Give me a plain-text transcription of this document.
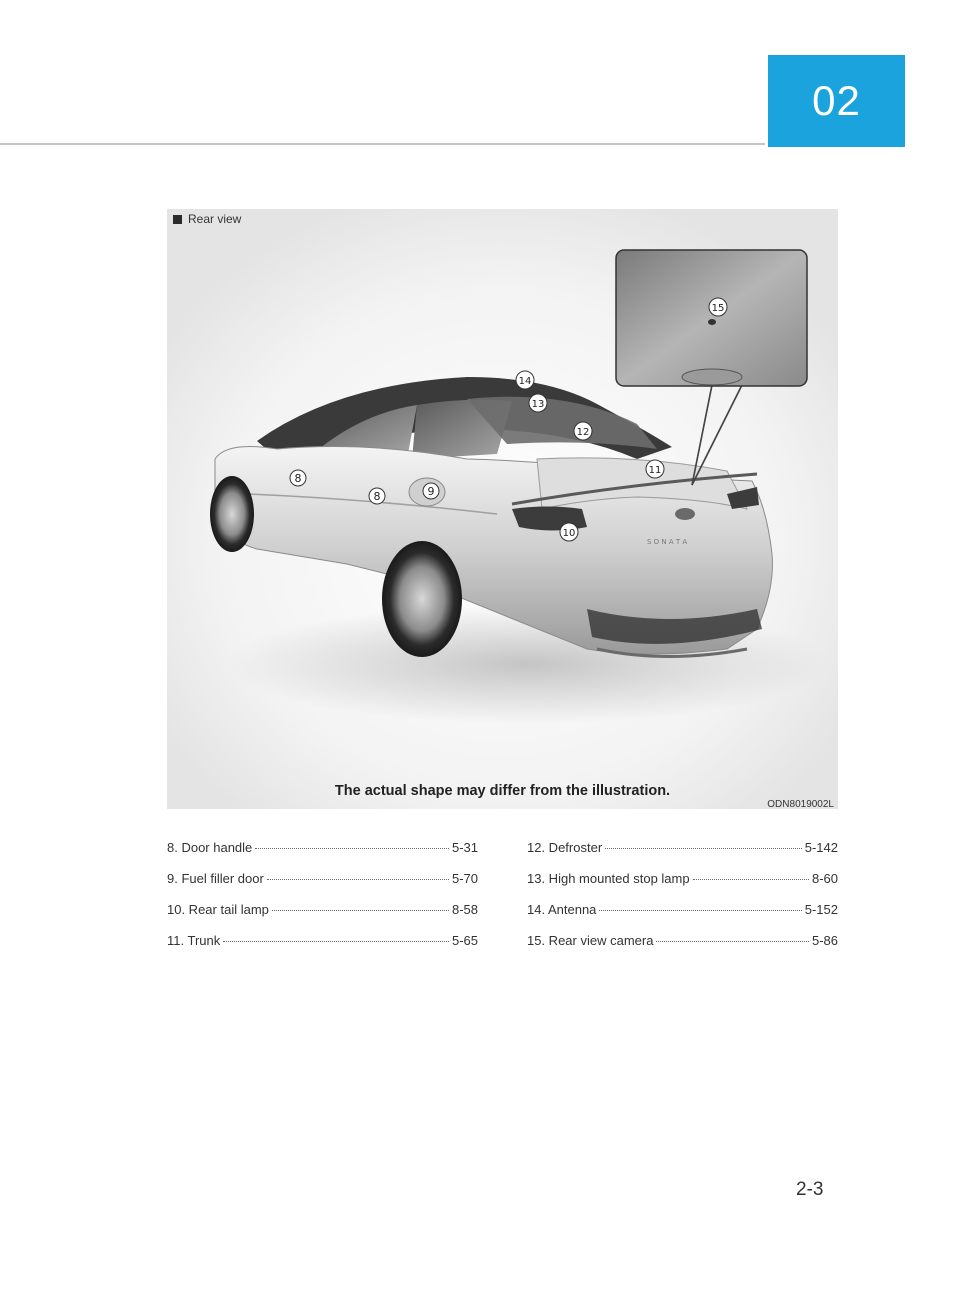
02
S O N A T A
8
8	9
10
11
12
13
14
15
Rear view
The actual shape may differ from the illustration.
ODN8019002L
8. Door handle	5-31
9. Fuel filler door	5-70
10. Rear tail lamp	8-58
11. Trunk	5-65
12. Defroster	5-142
13. High mounted stop lamp	8-60
14. Antenna	5-152
15. Rear view camera	5-86
2-3
